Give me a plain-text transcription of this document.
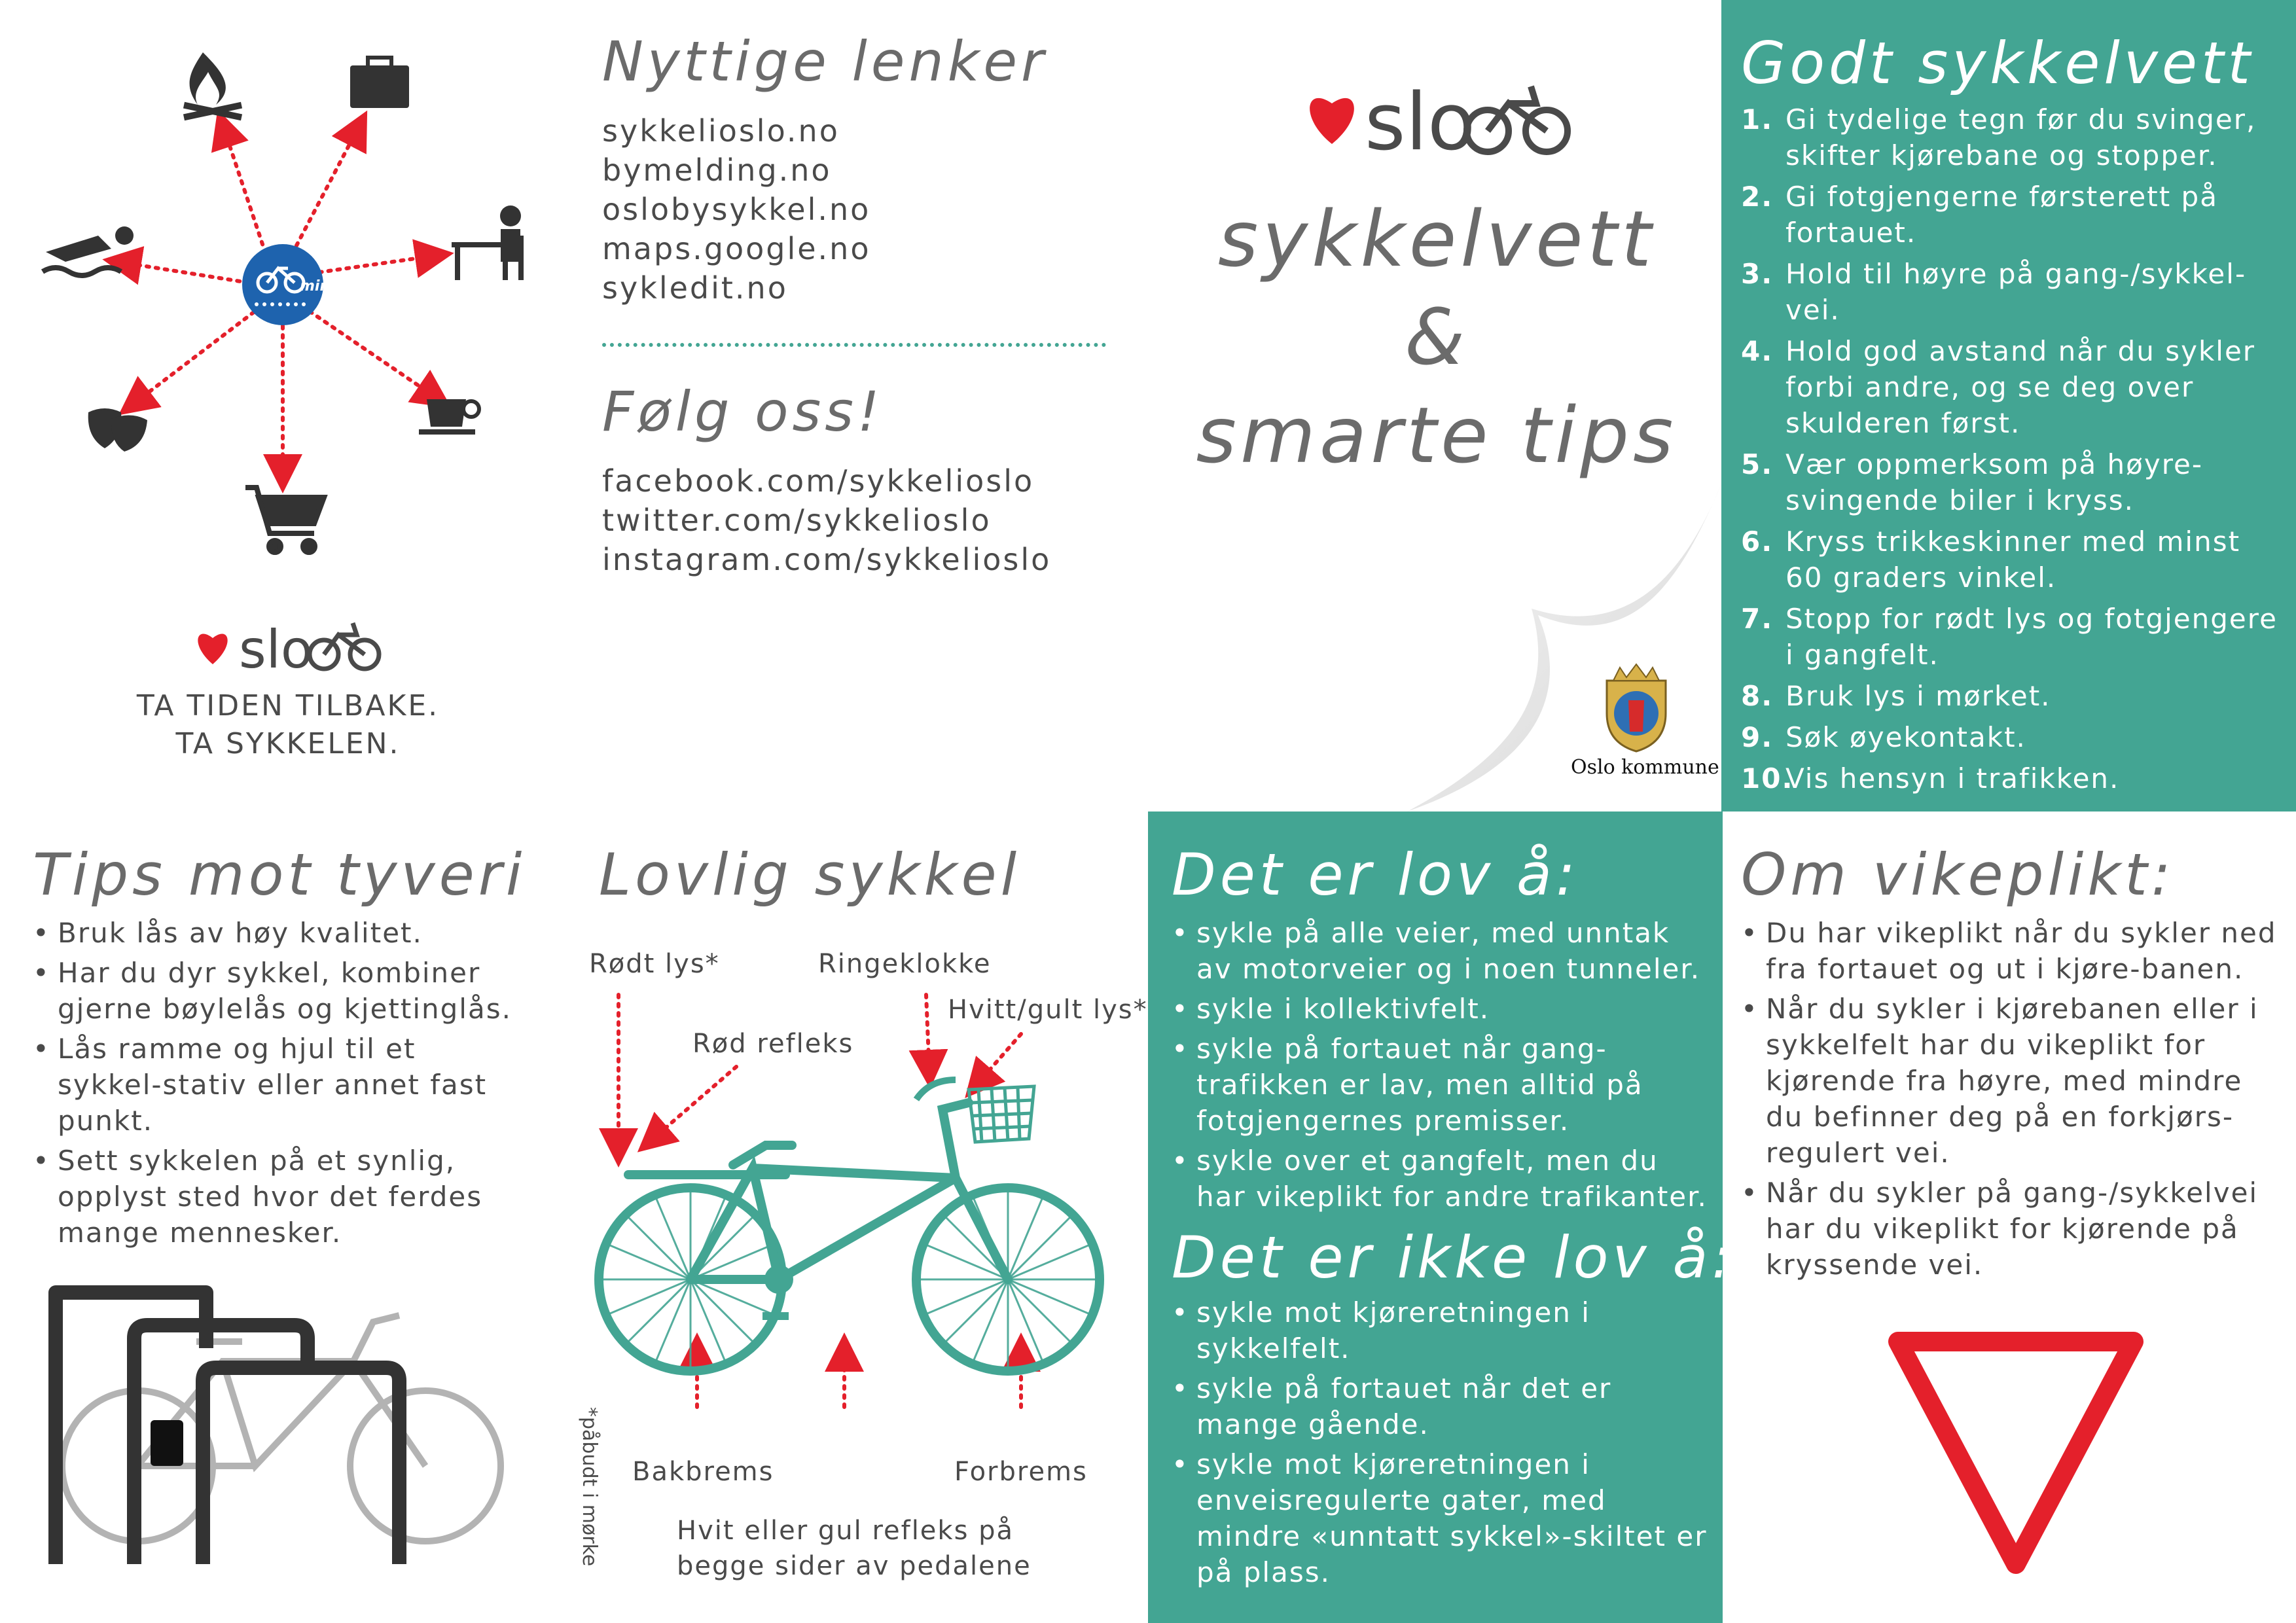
min
slo
TA TIDEN TILBAKE.
TA SYKKELEN.
Nyttige lenker
sykkelioslo.no
bymelding.no
oslobysykkel.no
maps.google.no
sykledit.no
Følg oss!
facebook.com/sykkelioslo
twitter.com/sykkelioslo
instagram.com/sykkelioslo
slo
sykkelvett
&
smarte tips
Oslo kommune
Godt sykkelvett
1. Gi tydelige tegn før du svinger, skifter kjørebane og stopper.
2. Gi fotgjengerne førsterett på fortauet.
3. Hold til høyre på gang-/sykkel-vei.
4. Hold god avstand når du sykler forbi andre, og se deg over skulderen først.
5. Vær oppmerksom på høyre-svingende biler i kryss.
6. Kryss trikkeskinner med minst 60 graders vinkel.
7. Stopp for rødt lys og fotgjengere i gangfelt.
8. Bruk lys i mørket.
9. Søk øyekontakt.
10.
Vis hensyn i trafikken.
Tips mot tyveri
• Bruk lås av høy kvalitet.
• Har du dyr sykkel, kombiner gjerne bøylelås og kjettinglås.
• Lås ramme og hjul til et sykkel-stativ eller annet fast punkt.
• Sett sykkelen på et synlig, opplyst sted hvor det ferdes mange mennesker.
Lovlig sykkel
Rødt lys*	Ringeklokke
Hvitt/gult lys*
Rød refleks
Bakbrems	Forbrems
Hvit eller gul refleks på begge sider av pedalene
*påbudt i mørke
Det er lov å:
• sykle på alle veier, med unntak av motorveier og i noen tunneler.
• sykle i kollektivfelt.
• sykle på fortauet når gang-trafikken er lav, men alltid på fotgjengernes premisser.
• sykle over et gangfelt, men du har vikeplikt for andre trafikanter.
Det er ikke lov å:
• sykle mot kjøreretningen i sykkelfelt.
• sykle på fortauet når det er mange gående.
• sykle mot kjøreretningen i enveisregulerte gater, med mindre «unntatt sykkel»-skiltet er på plass.
Om vikeplikt:
• Du har vikeplikt når du sykler ned fra fortauet og ut i kjøre-banen.
• Når du sykler i kjørebanen eller i sykkelfelt har du vikeplikt for kjørende fra høyre, med mindre du befinner deg på en forkjørs-regulert vei.
• Når du sykler på gang-/sykkelvei har du vikeplikt for kjørende på kryssende vei.
